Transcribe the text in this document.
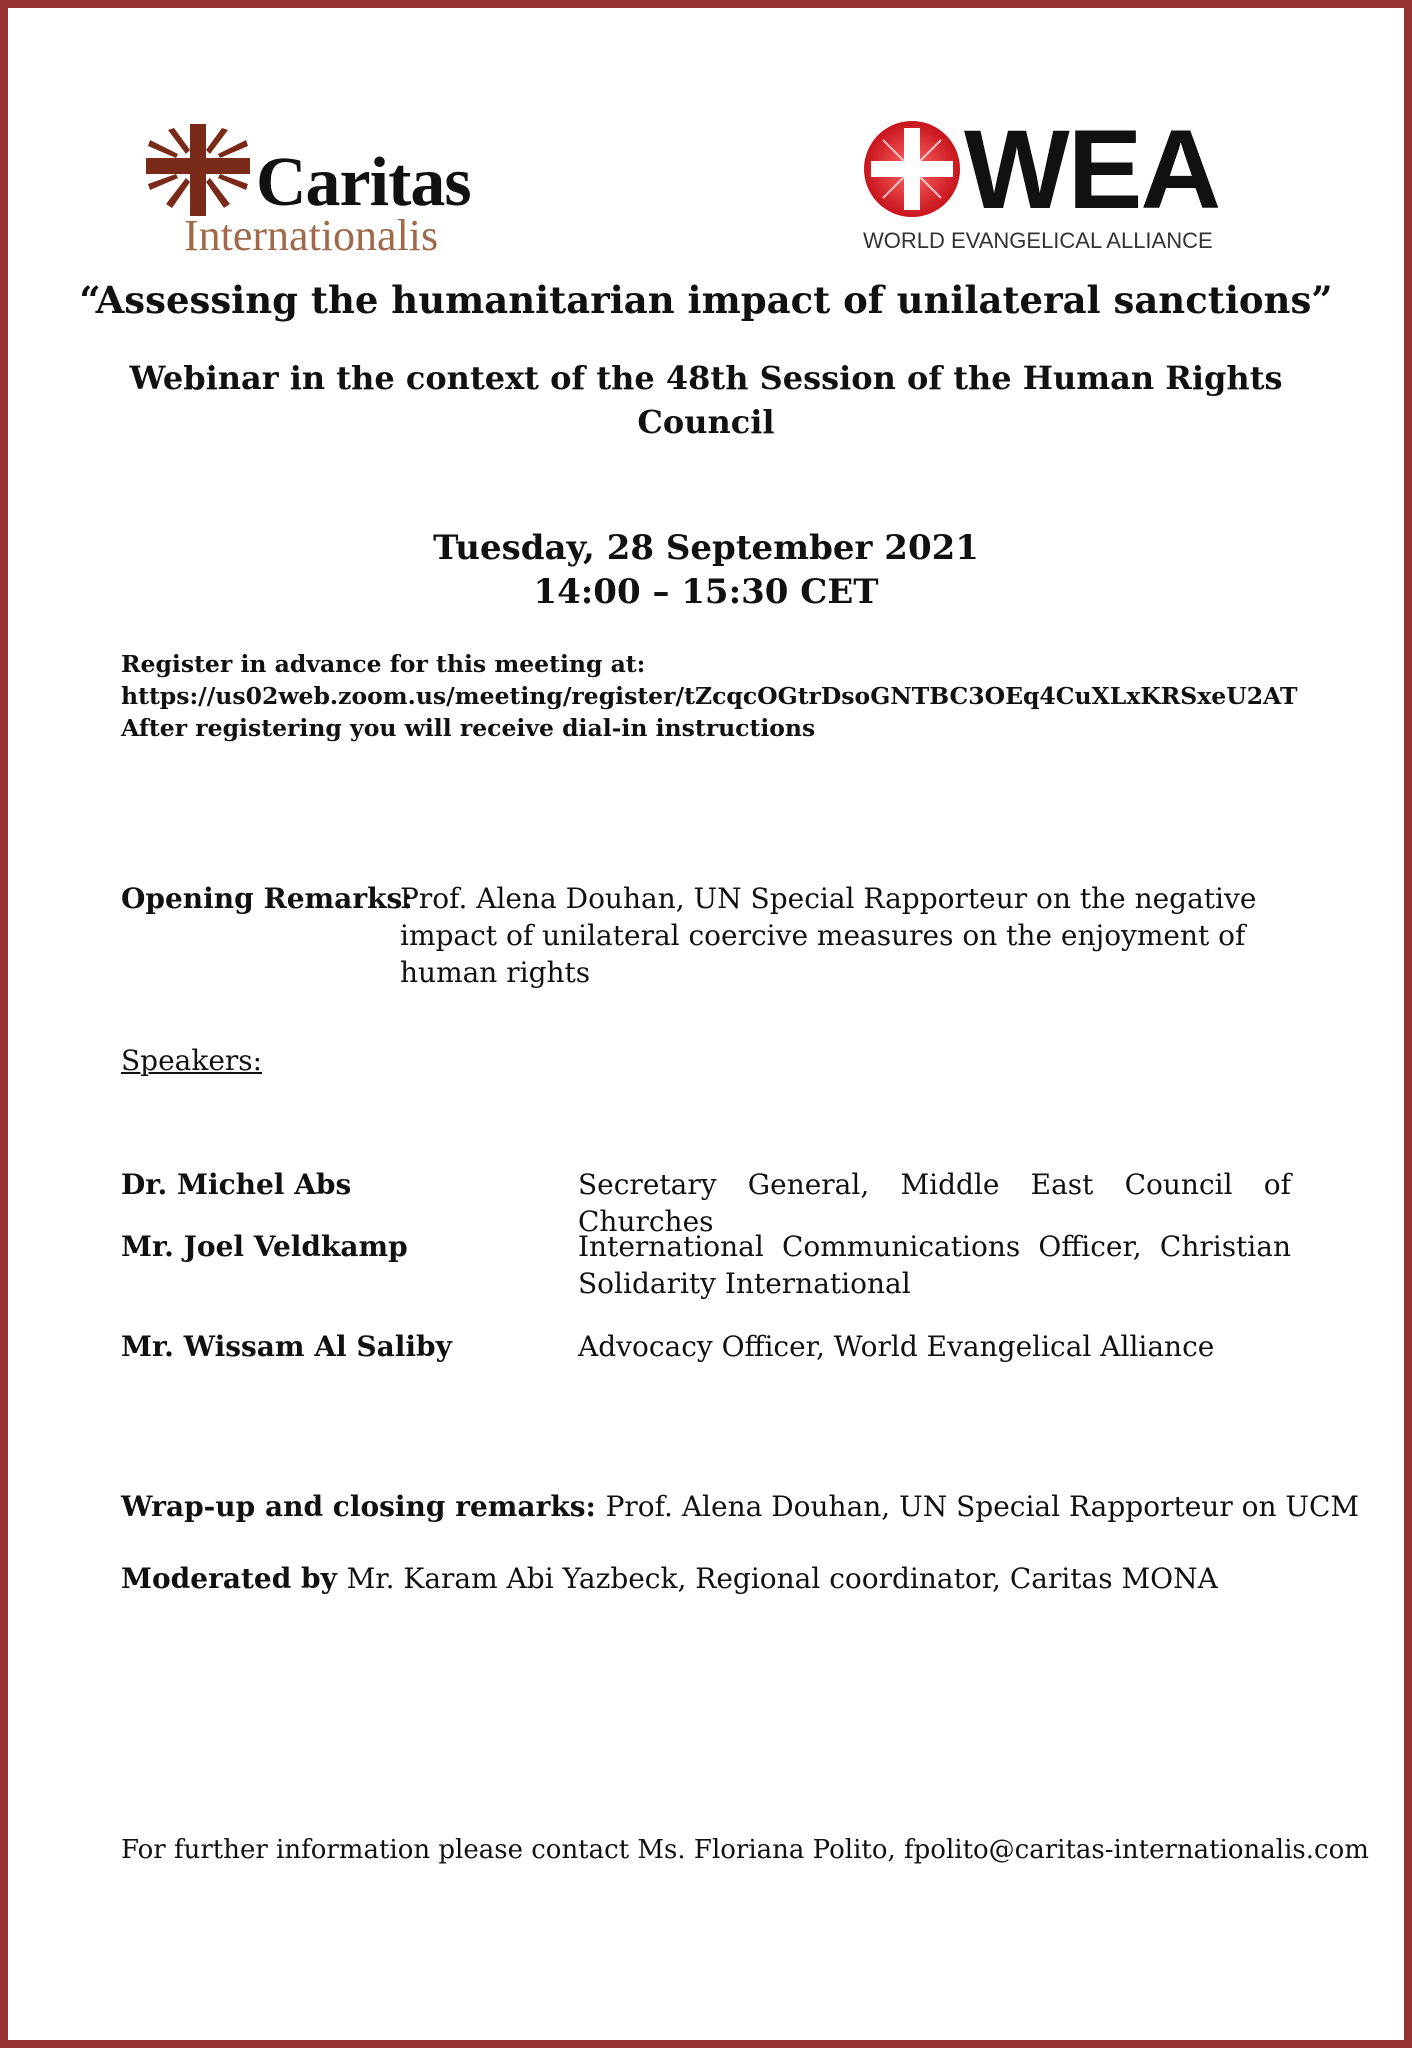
Caritas
Internationalis
WEA
WORLD EVANGELICAL ALLIANCE
“Assessing the humanitarian impact of unilateral sanctions”
Webinar in the context of the 48th Session of the Human Rights
Council
Tuesday, 28 September 2021
14:00 – 15:30 CET
Register in advance for this meeting at:
https://us02web.zoom.us/meeting/register/tZcqcOGtrDsoGNTBC3OEq4CuXLxKRSxeU2AT
After registering you will receive dial-in instructions
Opening Remarks:
Prof. Alena Douhan, UN Special Rapporteur on the negative impact of unilateral coercive measures on the enjoyment of human rights
Speakers:
Dr. Michel Abs	Secretary General, Middle East Council of Churches
Mr. Joel Veldkamp	International Communications Officer, Christian Solidarity International
Mr. Wissam Al Saliby	Advocacy Officer, World Evangelical Alliance
Wrap-up and closing remarks: Prof. Alena Douhan, UN Special Rapporteur on UCM
Moderated by Mr. Karam Abi Yazbeck, Regional coordinator, Caritas MONA
For further information please contact Ms. Floriana Polito, fpolito@caritas-internationalis.com
